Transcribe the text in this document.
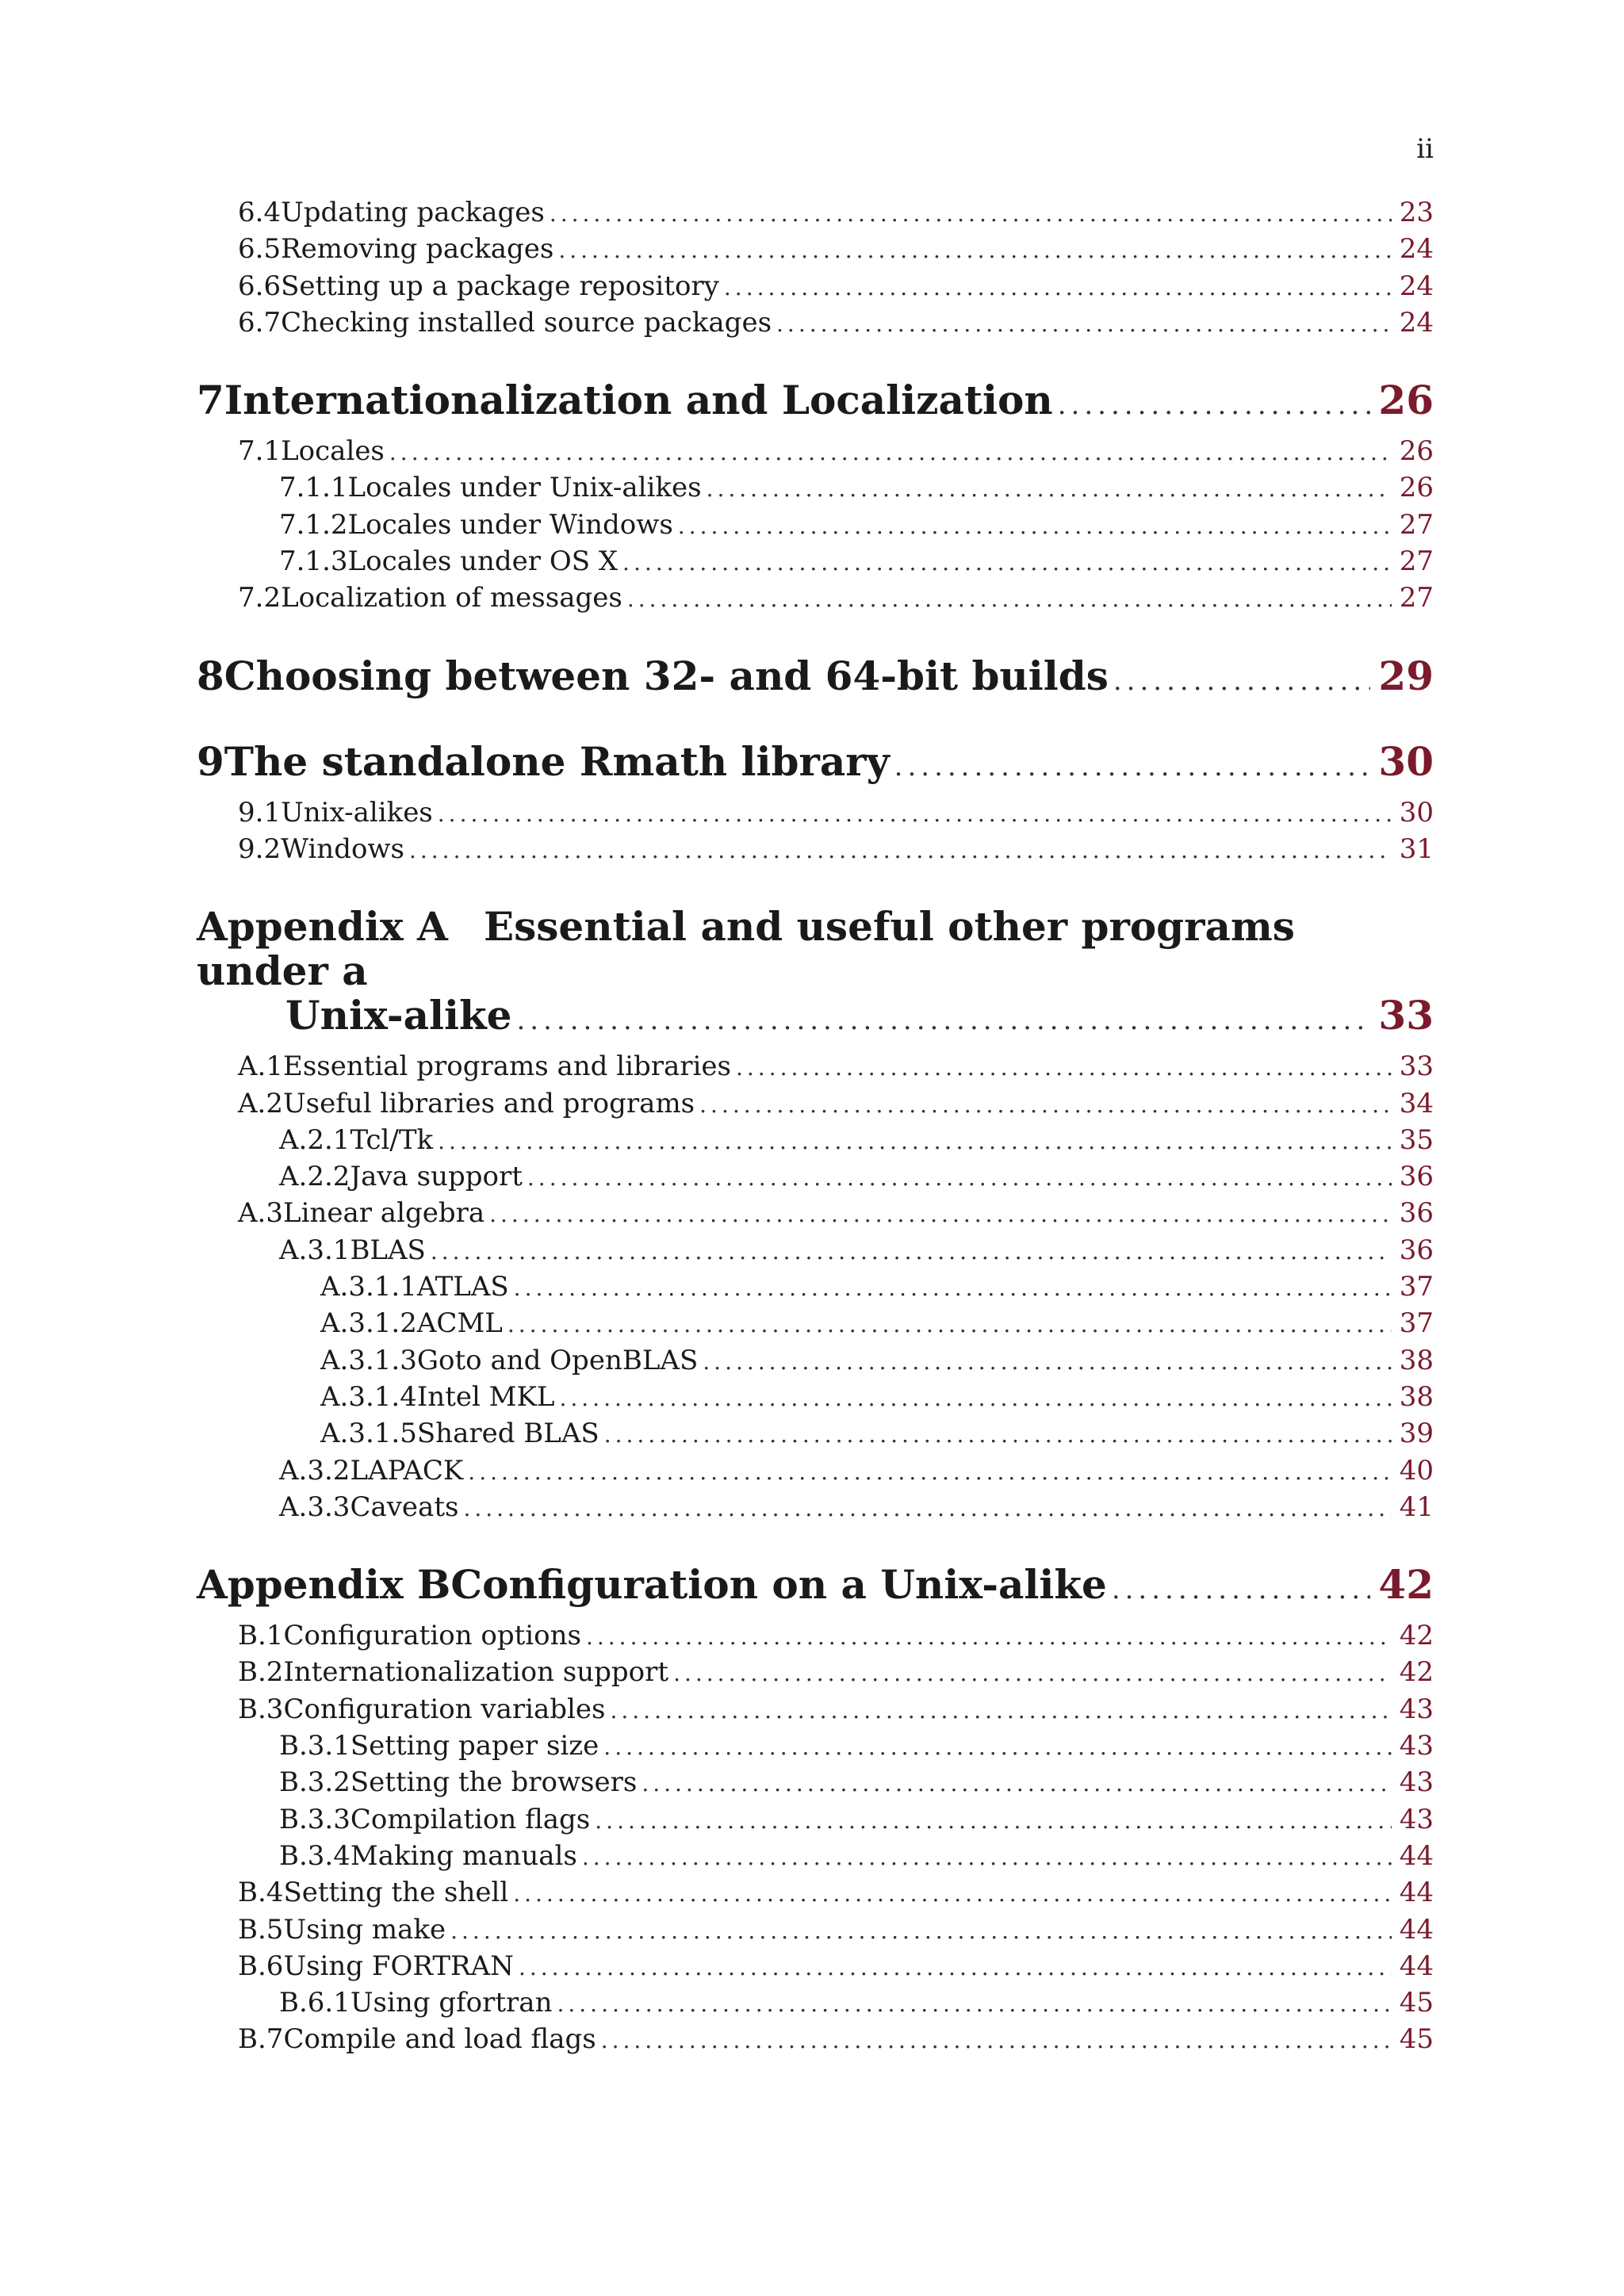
ii
6.4 Updating packages .....	23
6.5 Removing packages .....	24
6.6 Setting up a package repository .....	24
6.7 Checking installed source packages .....	24
7 Internationalization and Localization .....	26
7.1 Locales .....	26
7.1.1 Locales under Unix-alikes .....	26
7.1.2 Locales under Windows .....	27
7.1.3 Locales under OS X .....	27
7.2 Localization of messages .....	27
8 Choosing between 32- and 64-bit builds .....	29
9 The standalone Rmath library .....	30
9.1 Unix-alikes .....	30
9.2 Windows .....	31
Appendix A Essential and useful other programs under a
Unix-alike .....	33
A.1 Essential programs and libraries .....	33
A.2 Useful libraries and programs .....	34
A.2.1 Tcl/Tk .....	35
A.2.2 Java support .....	36
A.3 Linear algebra .....	36
A.3.1 BLAS .....	36
A.3.1.1 ATLAS .....	37
A.3.1.2 ACML .....	37
A.3.1.3 Goto and OpenBLAS .....	38
A.3.1.4 Intel MKL .....	38
A.3.1.5 Shared BLAS .....	39
A.3.2 LAPACK .....	40
A.3.3 Caveats .....	41
Appendix B Configuration on a Unix-alike .....	42
B.1 Configuration options .....	42
B.2 Internationalization support .....	42
B.3 Configuration variables .....	43
B.3.1 Setting paper size .....	43
B.3.2 Setting the browsers .....	43
B.3.3 Compilation flags .....	43
B.3.4 Making manuals .....	44
B.4 Setting the shell .....	44
B.5 Using make .....	44
B.6 Using FORTRAN .....	44
B.6.1 Using gfortran .....	45
B.7 Compile and load flags .....	45
